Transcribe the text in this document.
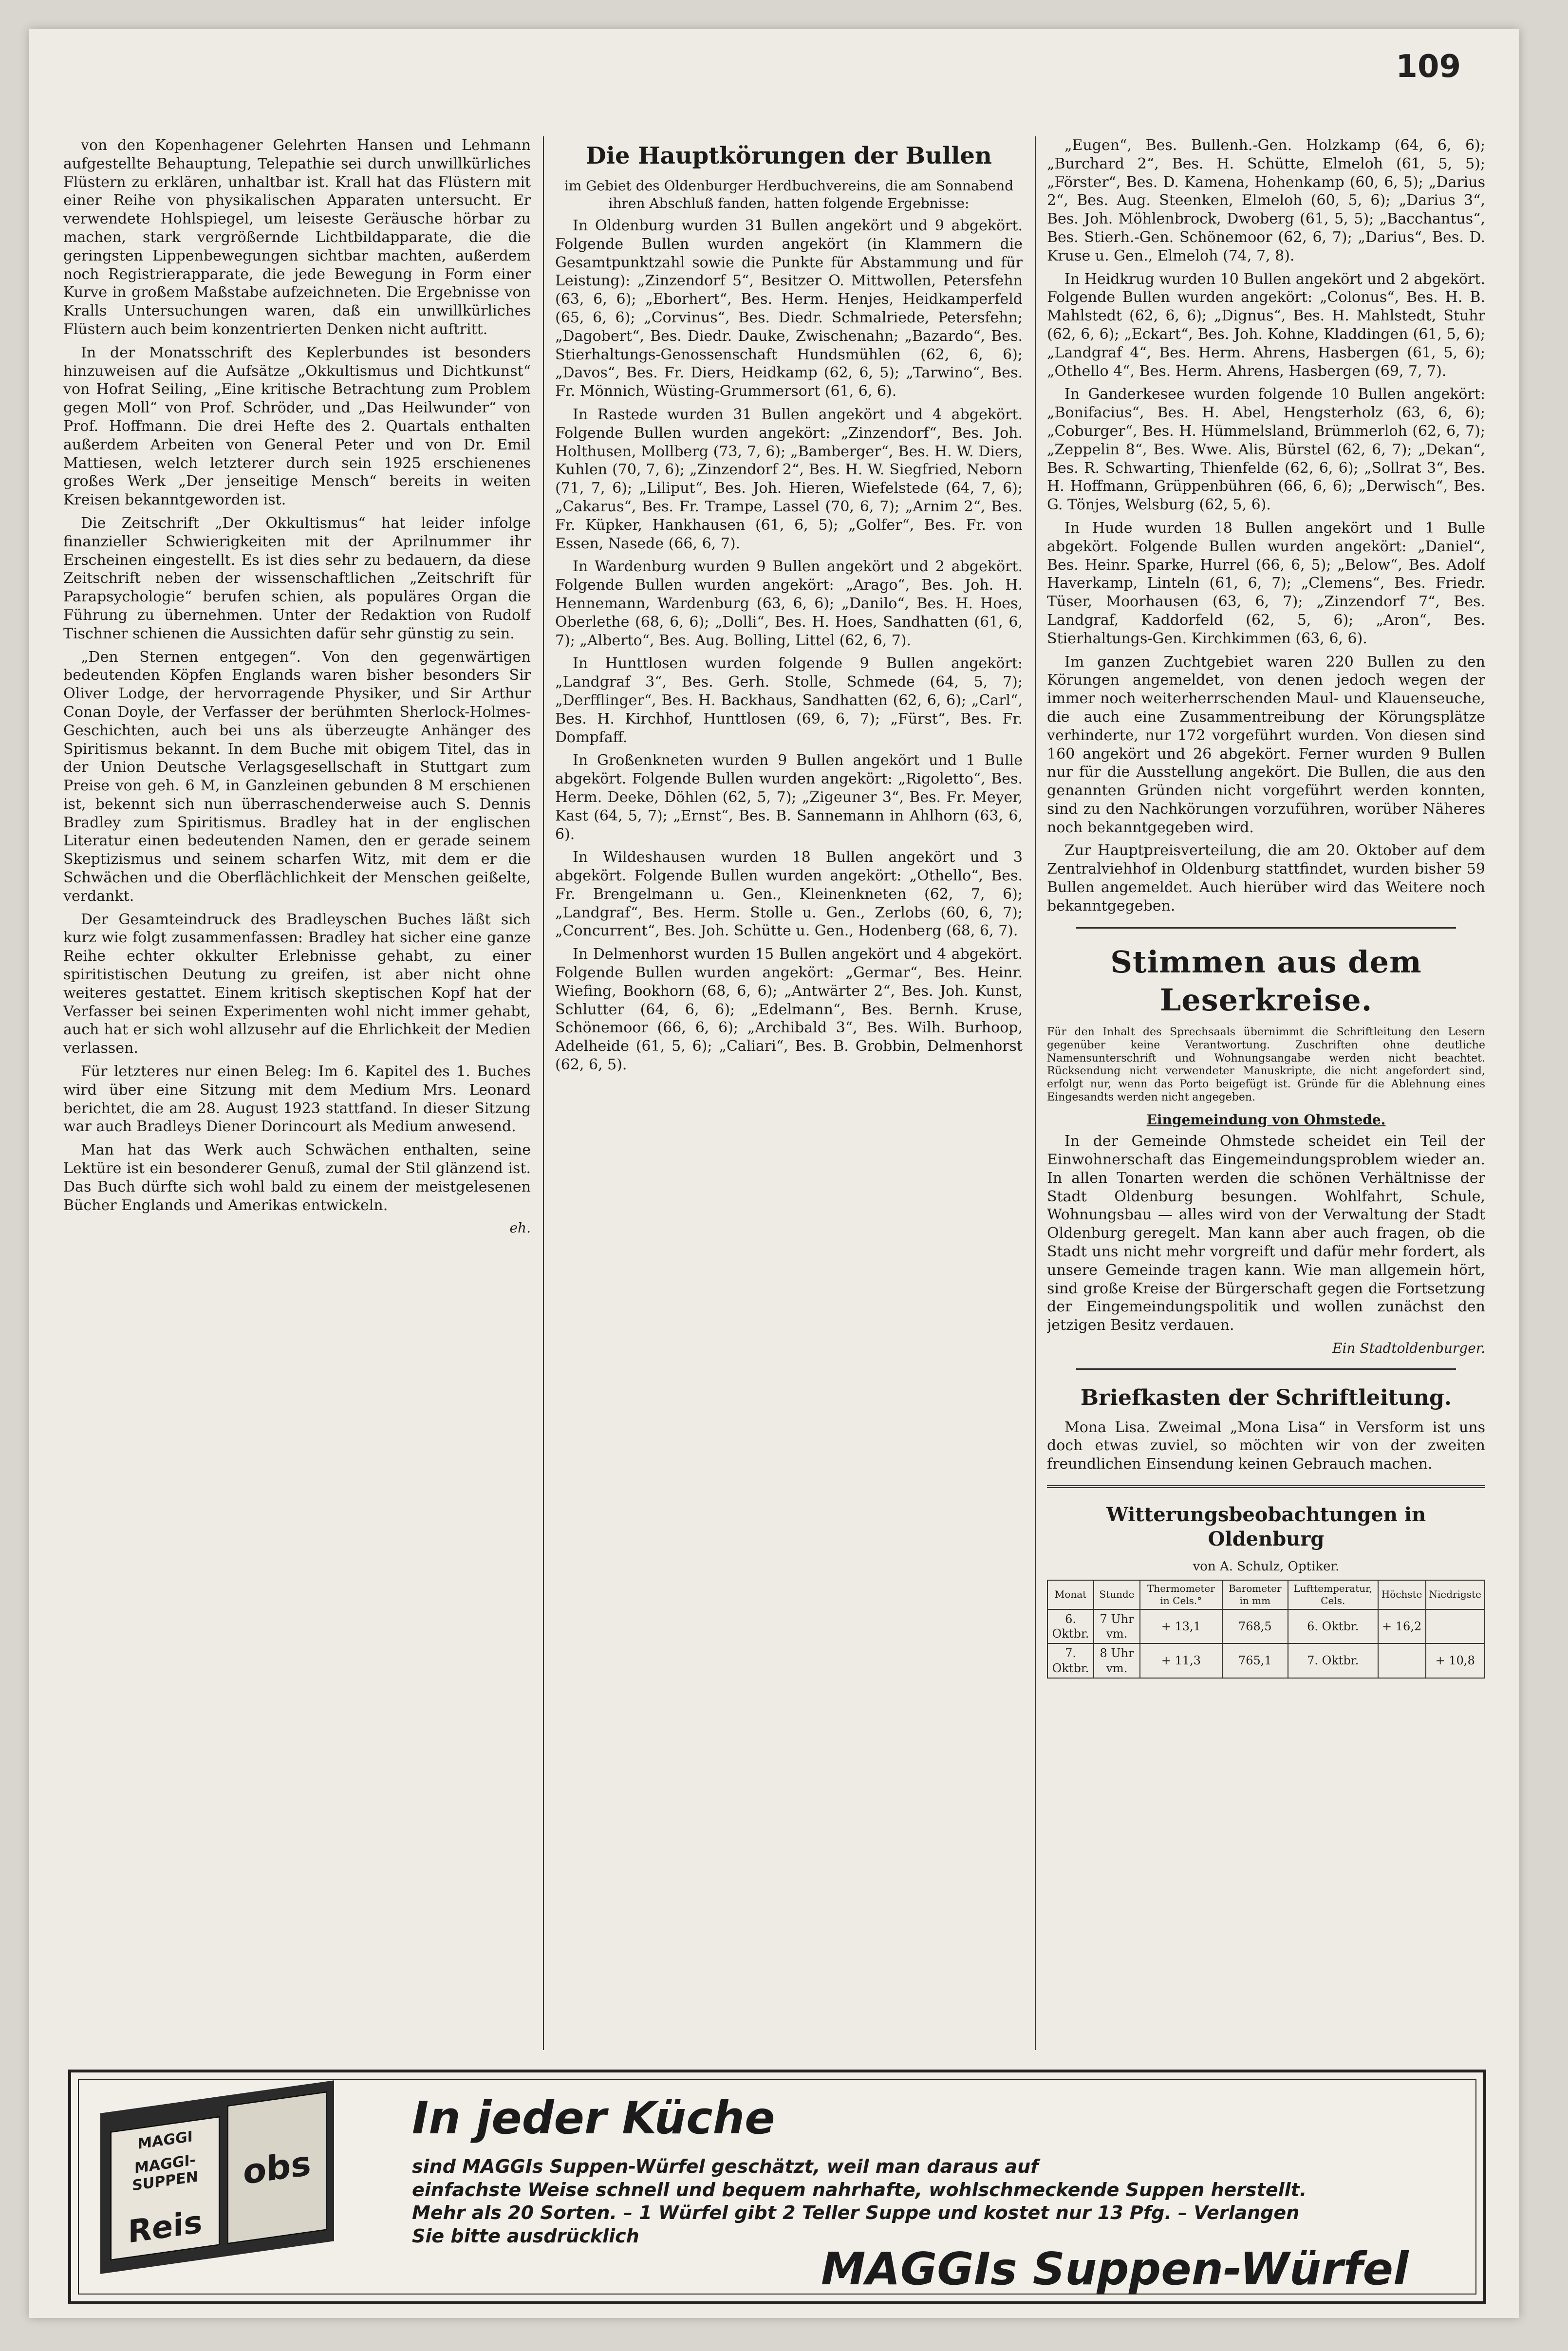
109

von den Kopenhagener Gelehrten Hansen und Lehmann aufgestellte Behauptung, Telepathie sei durch unwillkürliches Flüstern zu erklären, unhaltbar ist. Krall hat das Flüstern mit einer Reihe von physikalischen Apparaten untersucht. Er verwendete Hohlspiegel, um leiseste Geräusche hörbar zu machen, stark vergrößernde Lichtbildapparate, die die geringsten Lippenbewegungen sichtbar machten, außerdem noch Registrierapparate, die jede Bewegung in Form einer Kurve in großem Maßstabe aufzeichneten. Die Ergebnisse von Kralls Untersuchungen waren, daß ein unwillkürliches Flüstern auch beim konzentrierten Denken nicht auftritt.

In der Monatsschrift des Keplerbundes ist besonders hinzuweisen auf die Aufsätze „Okkultismus und Dichtkunst“ von Hofrat Seiling, „Eine kritische Betrachtung zum Problem gegen Moll“ von Prof. Schröder, und „Das Heilwunder“ von Prof. Hoffmann. Die drei Hefte des 2. Quartals enthalten außerdem Arbeiten von General Peter und von Dr. Emil Mattiesen, welch letzterer durch sein 1925 erschienenes großes Werk „Der jenseitige Mensch“ bereits in weiten Kreisen bekanntgeworden ist.

Die Zeitschrift „Der Okkultismus“ hat leider infolge finanzieller Schwierigkeiten mit der Aprilnummer ihr Erscheinen eingestellt. Es ist dies sehr zu bedauern, da diese Zeitschrift neben der wissenschaftlichen „Zeitschrift für Parapsychologie“ berufen schien, als populäres Organ die Führung zu übernehmen. Unter der Redaktion von Rudolf Tischner schienen die Aussichten dafür sehr günstig zu sein.

„Den Sternen entgegen“. Von den gegenwärtigen bedeutenden Köpfen Englands waren bisher besonders Sir Oliver Lodge, der hervorragende Physiker, und Sir Arthur Conan Doyle, der Verfasser der berühmten Sherlock-Holmes-Geschichten, auch bei uns als überzeugte Anhänger des Spiritismus bekannt. In dem Buche mit obigem Titel, das in der Union Deutsche Verlagsgesellschaft in Stuttgart zum Preise von geh. 6 M, in Ganzleinen gebunden 8 M erschienen ist, bekennt sich nun überraschenderweise auch S. Dennis Bradley zum Spiritismus. Bradley hat in der englischen Literatur einen bedeutenden Namen, den er gerade seinem Skeptizismus und seinem scharfen Witz, mit dem er die Schwächen und die Oberflächlichkeit der Menschen geißelte, verdankt.

Der Gesamteindruck des Bradleyschen Buches läßt sich kurz wie folgt zusammenfassen: Bradley hat sicher eine ganze Reihe echter okkulter Erlebnisse gehabt, zu einer spiritistischen Deutung zu greifen, ist aber nicht ohne weiteres gestattet. Einem kritisch skeptischen Kopf hat der Verfasser bei seinen Experimenten wohl nicht immer gehabt, auch hat er sich wohl allzusehr auf die Ehrlichkeit der Medien verlassen.

Für letzteres nur einen Beleg: Im 6. Kapitel des 1. Buches wird über eine Sitzung mit dem Medium Mrs. Leonard berichtet, die am 28. August 1923 stattfand. In dieser Sitzung war auch Bradleys Diener Dorincourt als Medium anwesend.

Man hat das Werk auch Schwächen enthalten, seine Lektüre ist ein besonderer Genuß, zumal der Stil glänzend ist. Das Buch dürfte sich wohl bald zu einem der meistgelesenen Bücher Englands und Amerikas entwickeln.

eh.
Die Hauptkörungen der Bullen
im Gebiet des Oldenburger Herdbuchvereins, die am Sonnabend ihren Abschluß fanden, hatten folgende Ergebnisse:

In Oldenburg wurden 31 Bullen angekört und 9 abgekört. Folgende Bullen wurden angekört (in Klammern die Gesamtpunktzahl sowie die Punkte für Abstammung und für Leistung): „Zinzendorf 5“, Besitzer O. Mittwollen, Petersfehn (63, 6, 6); „Eborhert“, Bes. Herm. Henjes, Heidkamperfeld (65, 6, 6); „Corvinus“, Bes. Diedr. Schmalriede, Petersfehn; „Dagobert“, Bes. Diedr. Dauke, Zwischenahn; „Bazardo“, Bes. Stierhaltungs-Genossenschaft Hundsmühlen (62, 6, 6); „Davos“, Bes. Fr. Diers, Heidkamp (62, 6, 5); „Tarwino“, Bes. Fr. Mönnich, Wüsting-Grummersort (61, 6, 6).

In Rastede wurden 31 Bullen angekört und 4 abgekört. Folgende Bullen wurden angekört: „Zinzendorf“, Bes. Joh. Holthusen, Mollberg (73, 7, 6); „Bamberger“, Bes. H. W. Diers, Kuhlen (70, 7, 6); „Zinzendorf 2“, Bes. H. W. Siegfried, Neborn (71, 7, 6); „Liliput“, Bes. Joh. Hieren, Wiefelstede (64, 7, 6); „Cakarus“, Bes. Fr. Trampe, Lassel (70, 6, 7); „Arnim 2“, Bes. Fr. Küpker, Hankhausen (61, 6, 5); „Golfer“, Bes. Fr. von Essen, Nasede (66, 6, 7).

In Wardenburg wurden 9 Bullen angekört und 2 abgekört. Folgende Bullen wurden angekört: „Arago“, Bes. Joh. H. Hennemann, Wardenburg (63, 6, 6); „Danilo“, Bes. H. Hoes, Oberlethe (68, 6, 6); „Dolli“, Bes. H. Hoes, Sandhatten (61, 6, 7); „Alberto“, Bes. Aug. Bolling, Littel (62, 6, 7).

In Hunttlosen wurden folgende 9 Bullen angekört: „Landgraf 3“, Bes. Gerh. Stolle, Schmede (64, 5, 7); „Derfflinger“, Bes. H. Backhaus, Sandhatten (62, 6, 6); „Carl“, Bes. H. Kirchhof, Hunttlosen (69, 6, 7); „Fürst“, Bes. Fr. Dompfaff.

In Großenkneten wurden 9 Bullen angekört und 1 Bulle abgekört. Folgende Bullen wurden angekört: „Rigoletto“, Bes. Herm. Deeke, Döhlen (62, 5, 7); „Zigeuner 3“, Bes. Fr. Meyer, Kast (64, 5, 7); „Ernst“, Bes. B. Sannemann in Ahlhorn (63, 6, 6).

In Wildeshausen wurden 18 Bullen angekört und 3 abgekört. Folgende Bullen wurden angekört: „Othello“, Bes. Fr. Brengelmann u. Gen., Kleinenkneten (62, 7, 6); „Landgraf“, Bes. Herm. Stolle u. Gen., Zerlobs (60, 6, 7); „Concurrent“, Bes. Joh. Schütte u. Gen., Hodenberg (68, 6, 7).

In Delmenhorst wurden 15 Bullen angekört und 4 abgekört. Folgende Bullen wurden angekört: „Germar“, Bes. Heinr. Wiefing, Bookhorn (68, 6, 6); „Antwärter 2“, Bes. Joh. Kunst, Schlutter (64, 6, 6); „Edelmann“, Bes. Bernh. Kruse, Schönemoor (66, 6, 6); „Archibald 3“, Bes. Wilh. Burhoop, Adelheide (61, 5, 6); „Caliari“, Bes. B. Grobbin, Delmenhorst (62, 6, 5).

„Eugen“, Bes. Bullenh.-Gen. Holzkamp (64, 6, 6); „Burchard 2“, Bes. H. Schütte, Elmeloh (61, 5, 5); „Förster“, Bes. D. Kamena, Hohenkamp (60, 6, 5); „Darius 2“, Bes. Aug. Steenken, Elmeloh (60, 5, 6); „Darius 3“, Bes. Joh. Möhlenbrock, Dwoberg (61, 5, 5); „Bacchantus“, Bes. Stierh.-Gen. Schönemoor (62, 6, 7); „Darius“, Bes. D. Kruse u. Gen., Elmeloh (74, 7, 8).

In Heidkrug wurden 10 Bullen angekört und 2 abgekört. Folgende Bullen wurden angekört: „Colonus“, Bes. H. B. Mahlstedt (62, 6, 6); „Dignus“, Bes. H. Mahlstedt, Stuhr (62, 6, 6); „Eckart“, Bes. Joh. Kohne, Kladdingen (61, 5, 6); „Landgraf 4“, Bes. Herm. Ahrens, Hasbergen (61, 5, 6); „Othello 4“, Bes. Herm. Ahrens, Hasbergen (69, 7, 7).

In Ganderkesee wurden folgende 10 Bullen angekört: „Bonifacius“, Bes. H. Abel, Hengsterholz (63, 6, 6); „Coburger“, Bes. H. Hümmelsland, Brümmerloh (62, 6, 7); „Zeppelin 8“, Bes. Wwe. Alis, Bürstel (62, 6, 7); „Dekan“, Bes. R. Schwarting, Thienfelde (62, 6, 6); „Sollrat 3“, Bes. H. Hoffmann, Grüppenbühren (66, 6, 6); „Derwisch“, Bes. G. Tönjes, Welsburg (62, 5, 6).

In Hude wurden 18 Bullen angekört und 1 Bulle abgekört. Folgende Bullen wurden angekört: „Daniel“, Bes. Heinr. Sparke, Hurrel (66, 6, 5); „Below“, Bes. Adolf Haverkamp, Linteln (61, 6, 7); „Clemens“, Bes. Friedr. Tüser, Moorhausen (63, 6, 7); „Zinzendorf 7“, Bes. Landgraf, Kaddorfeld (62, 5, 6); „Aron“, Bes. Stierhaltungs-Gen. Kirchkimmen (63, 6, 6).

Im ganzen Zuchtgebiet waren 220 Bullen zu den Körungen angemeldet, von denen jedoch wegen der immer noch weiterherrschenden Maul- und Klauenseuche, die auch eine Zusammentreibung der Körungsplätze verhinderte, nur 172 vorgeführt wurden. Von diesen sind 160 angekört und 26 abgekört. Ferner wurden 9 Bullen nur für die Ausstellung angekört. Die Bullen, die aus den genannten Gründen nicht vorgeführt werden konnten, sind zu den Nachkörungen vorzuführen, worüber Näheres noch bekanntgegeben wird.

Zur Hauptpreisverteilung, die am 20. Oktober auf dem Zentralviehhof in Oldenburg stattfindet, wurden bisher 59 Bullen angemeldet. Auch hierüber wird das Weitere noch bekanntgegeben.

Stimmen aus dem Leserkreise.
Für den Inhalt des Sprechsaals übernimmt die Schriftleitung den Lesern gegenüber keine Verantwortung. Zuschriften ohne deutliche Namensunterschrift und Wohnungsangabe werden nicht beachtet. Rücksendung nicht verwendeter Manuskripte, die nicht angefordert sind, erfolgt nur, wenn das Porto beigefügt ist. Gründe für die Ablehnung eines Eingesandts werden nicht angegeben.
Eingemeindung von Ohmstede.

In der Gemeinde Ohmstede scheidet ein Teil der Einwohnerschaft das Eingemeindungsproblem wieder an. In allen Tonarten werden die schönen Verhältnisse der Stadt Oldenburg besungen. Wohlfahrt, Schule, Wohnungsbau — alles wird von der Verwaltung der Stadt Oldenburg geregelt. Man kann aber auch fragen, ob die Stadt uns nicht mehr vorgreift und dafür mehr fordert, als unsere Gemeinde tragen kann. Wie man allgemein hört, sind große Kreise der Bürgerschaft gegen die Fortsetzung der Eingemeindungspolitik und wollen zunächst den jetzigen Besitz verdauen.

Ein Stadtoldenburger.
Briefkasten der Schriftleitung.

Mona Lisa. Zweimal „Mona Lisa“ in Versform ist uns doch etwas zuviel, so möchten wir von der zweiten freundlichen Einsendung keinen Gebrauch machen.

Witterungsbeobachtungen in Oldenburg
von A. Schulz, Optiker.
Monat	Stunde	Thermometer in Cels.°	Barometer in mm	Lufttemperatur, Cels.	Höchste	Niedrigste
6. Oktbr.	7 Uhr vm.	+ 13,1	768,5	6. Oktbr.	+ 16,2	
7. Oktbr.	8 Uhr vm.	+ 11,3	765,1	7. Oktbr.		+ 10,8
MAGGI
MAGGI-SUPPEN
Reis
obs
In jeder Küche
sind MAGGIs Suppen-Würfel geschätzt, weil man daraus auf
einfachste Weise schnell und bequem nahrhafte, wohlschmeckende Suppen herstellt.
Mehr als 20 Sorten. – 1 Würfel gibt 2 Teller Suppe und kostet nur 13 Pfg. – Verlangen
Sie bitte ausdrücklich
MAGGIs Suppen-Würfel
